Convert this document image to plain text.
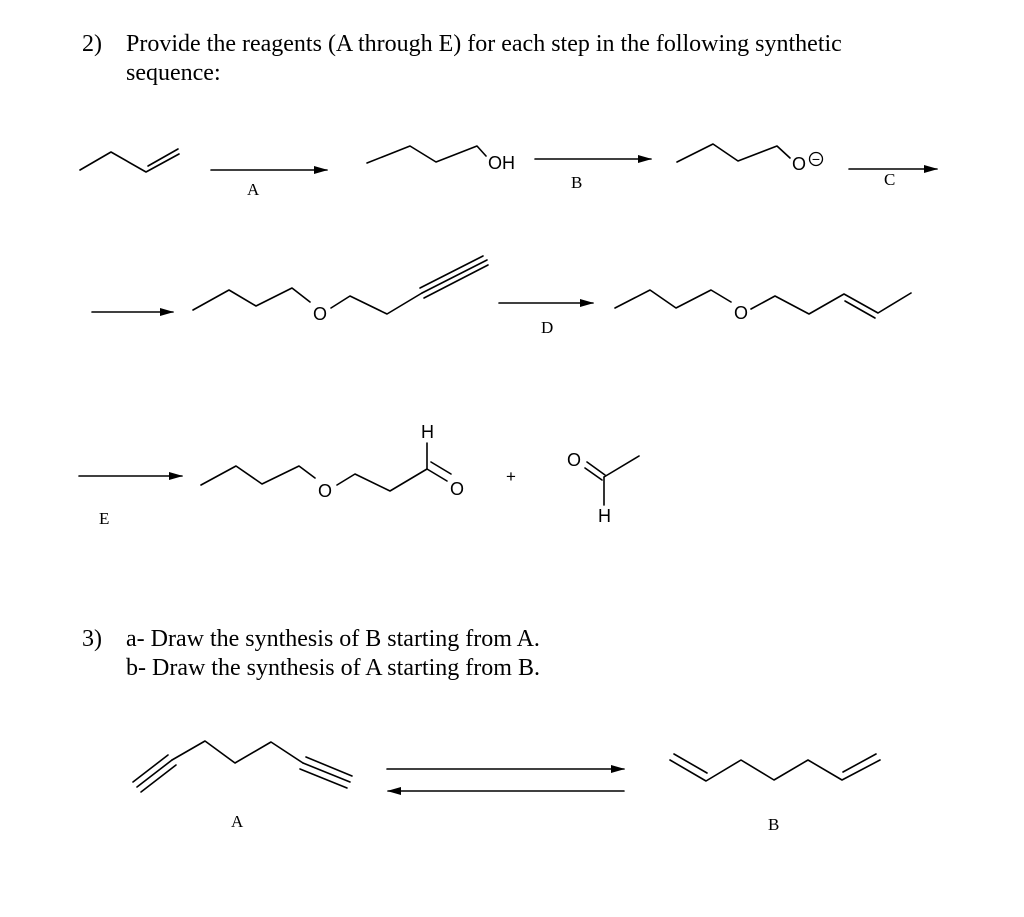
2) Provide the reagents (A through E) for each step in the following synthetic
sequence:
A	B	C
D
E
3) a- Draw the synthesis of B starting from A.
b- Draw the synthesis of A starting from B.
A	B
OH	O
O	O
O
H
O
O
H
−
+
